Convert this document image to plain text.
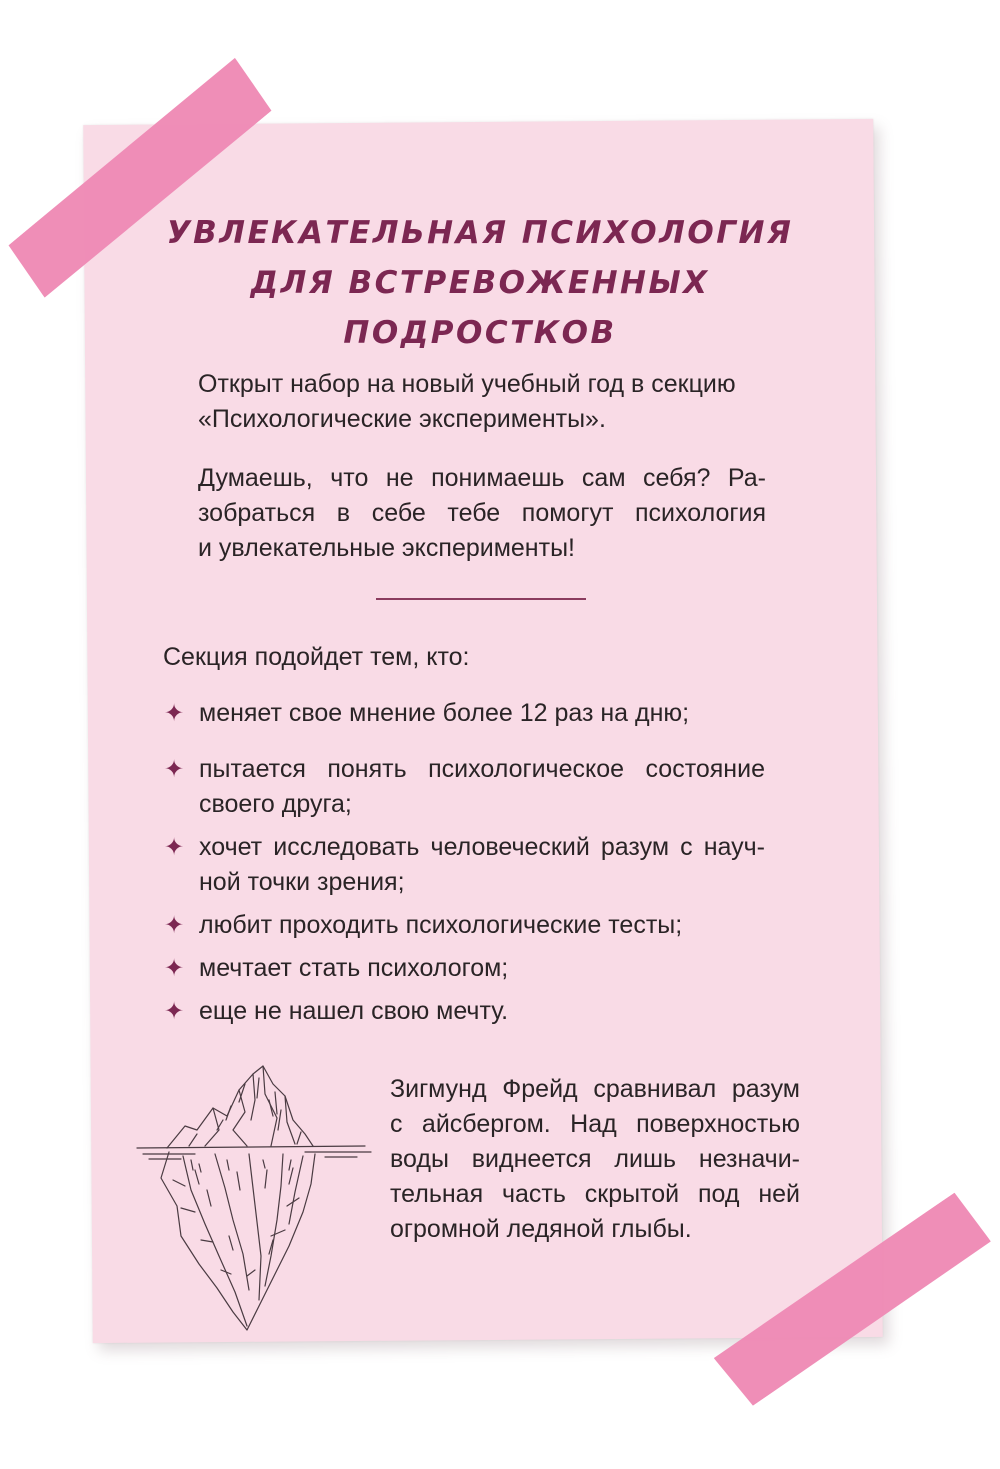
УВЛЕКАТЕЛЬНАЯ ПСИХОЛОГИЯ
ДЛЯ ВСТРЕВОЖЕННЫХ ПОДРОСТКОВ
Открыт набор на новый учебный год в секцию
«Психологические эксперименты».
Думаешь, что не понимаешь сам себя? Ра-
зобраться в себе тебе помогут психология
и увлекательные эксперименты!
Секция подойдет тем, кто:
✦ меняет свое мнение более 12 раз на дню;
✦ пытается понять психологическое состояние своего друга;
✦ хочет исследовать человеческий разум с науч-ной точки зрения;
✦ любит проходить психологические тесты;
✦ мечтает стать психологом;
✦ еще не нашел свою мечту.
Зигмунд Фрейд сравнивал разум
с айсбергом. Над поверхностью
воды виднеется лишь незначи-
тельная часть скрытой под ней
огромной ледяной глыбы.
